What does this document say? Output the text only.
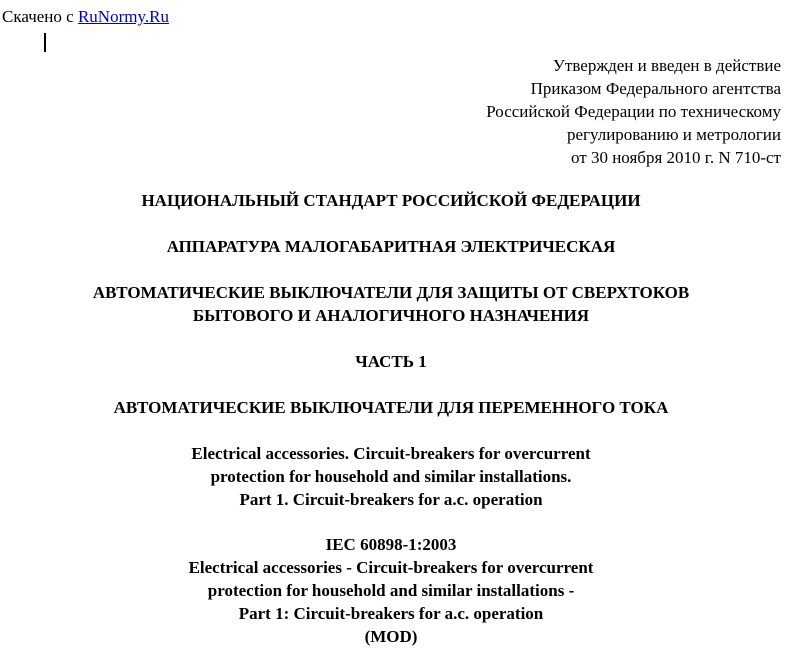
Скачено с RuNormy.Ru
Утвержден и введен в действие
Приказом Федерального агентства
Российской Федерации по техническому
регулированию и метрологии
от 30 ноября 2010 г. N 710-ст
НАЦИОНАЛЬНЫЙ СТАНДАРТ РОССИЙСКОЙ ФЕДЕРАЦИИ
АППАРАТУРА МАЛОГАБАРИТНАЯ ЭЛЕКТРИЧЕСКАЯ
АВТОМАТИЧЕСКИЕ ВЫКЛЮЧАТЕЛИ ДЛЯ ЗАЩИТЫ ОТ СВЕРХТОКОВ
БЫТОВОГО И АНАЛОГИЧНОГО НАЗНАЧЕНИЯ
ЧАСТЬ 1
АВТОМАТИЧЕСКИЕ ВЫКЛЮЧАТЕЛИ ДЛЯ ПЕРЕМЕННОГО ТОКА
Electrical accessories. Circuit-breakers for overcurrent
protection for household and similar installations.
Part 1. Circuit-breakers for a.c. operation
IEC 60898-1:2003
Electrical accessories - Circuit-breakers for overcurrent
protection for household and similar installations -
Part 1: Circuit-breakers for a.c. operation
(MOD)
